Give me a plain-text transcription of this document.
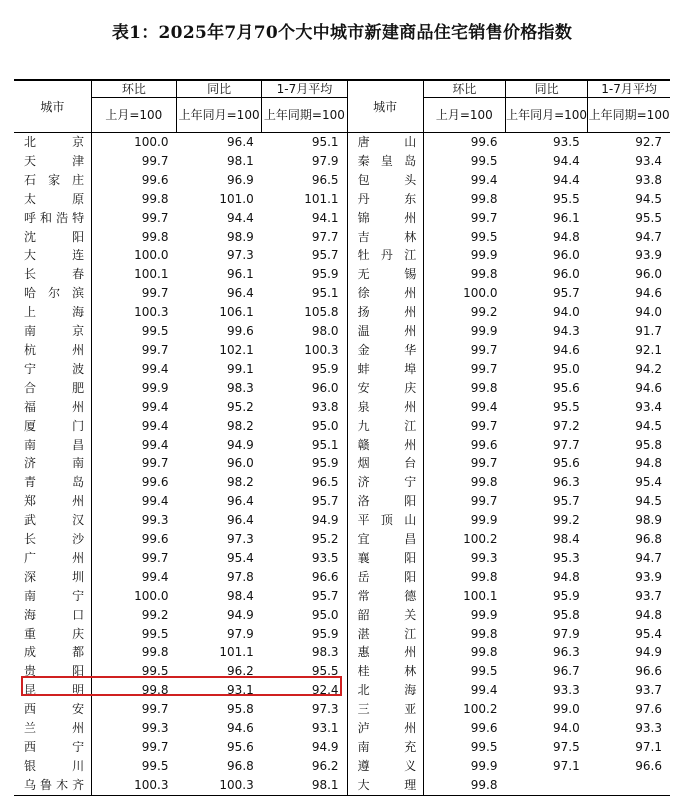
表1：2025年7月70个大中城市新建商品住宅销售价格指数
城市	环比	同比	1-7月平均	城市	环比	同比	1-7月平均
	上月=100	上年同月=100	上年同期=100		上月=100	上年同月=100	上年同期=100
北京	100.0	96.4	95.1	唐山	99.6	93.5	92.7
天津	99.7	98.1	97.9	秦皇岛	99.5	94.4	93.4
石家庄	99.6	96.9	96.5	包头	99.4	94.4	93.8
太原	99.8	101.0	101.1	丹东	99.8	95.5	94.5
呼和浩特	99.7	94.4	94.1	锦州	99.7	96.1	95.5
沈阳	99.8	98.9	97.7	吉林	99.5	94.8	94.7
大连	100.0	97.3	95.7	牡丹江	99.9	96.0	93.9
长春	100.1	96.1	95.9	无锡	99.8	96.0	96.0
哈尔滨	99.7	96.4	95.1	徐州	100.0	95.7	94.6
上海	100.3	106.1	105.8	扬州	99.2	94.0	94.0
南京	99.5	99.6	98.0	温州	99.9	94.3	91.7
杭州	99.7	102.1	100.3	金华	99.7	94.6	92.1
宁波	99.4	99.1	95.9	蚌埠	99.7	95.0	94.2
合肥	99.9	98.3	96.0	安庆	99.8	95.6	94.6
福州	99.4	95.2	93.8	泉州	99.4	95.5	93.4
厦门	99.4	98.2	95.0	九江	99.7	97.2	94.5
南昌	99.4	94.9	95.1	赣州	99.6	97.7	95.8
济南	99.7	96.0	95.9	烟台	99.7	95.6	94.8
青岛	99.6	98.2	96.5	济宁	99.8	96.3	95.4
郑州	99.4	96.4	95.7	洛阳	99.7	95.7	94.5
武汉	99.3	96.4	94.9	平顶山	99.9	99.2	98.9
长沙	99.6	97.3	95.2	宜昌	100.2	98.4	96.8
广州	99.7	95.4	93.5	襄阳	99.3	95.3	94.7
深圳	99.4	97.8	96.6	岳阳	99.8	94.8	93.9
南宁	100.0	98.4	95.7	常德	100.1	95.9	93.7
海口	99.2	94.9	95.0	韶关	99.9	95.8	94.8
重庆	99.5	97.9	95.9	湛江	99.8	97.9	95.4
成都	99.8	101.1	98.3	惠州	99.8	96.3	94.9
贵阳	99.5	96.2	95.5	桂林	99.5	96.7	96.6
昆明	99.8	93.1	92.4	北海	99.4	93.3	93.7
西安	99.7	95.8	97.3	三亚	100.2	99.0	97.6
兰州	99.3	94.6	93.1	泸州	99.6	94.0	93.3
西宁	99.7	95.6	94.9	南充	99.5	97.5	97.1
银川	99.5	96.8	96.2	遵义	99.9	97.1	96.6
乌鲁木齐	100.3	100.3	98.1	大理	99.8		
